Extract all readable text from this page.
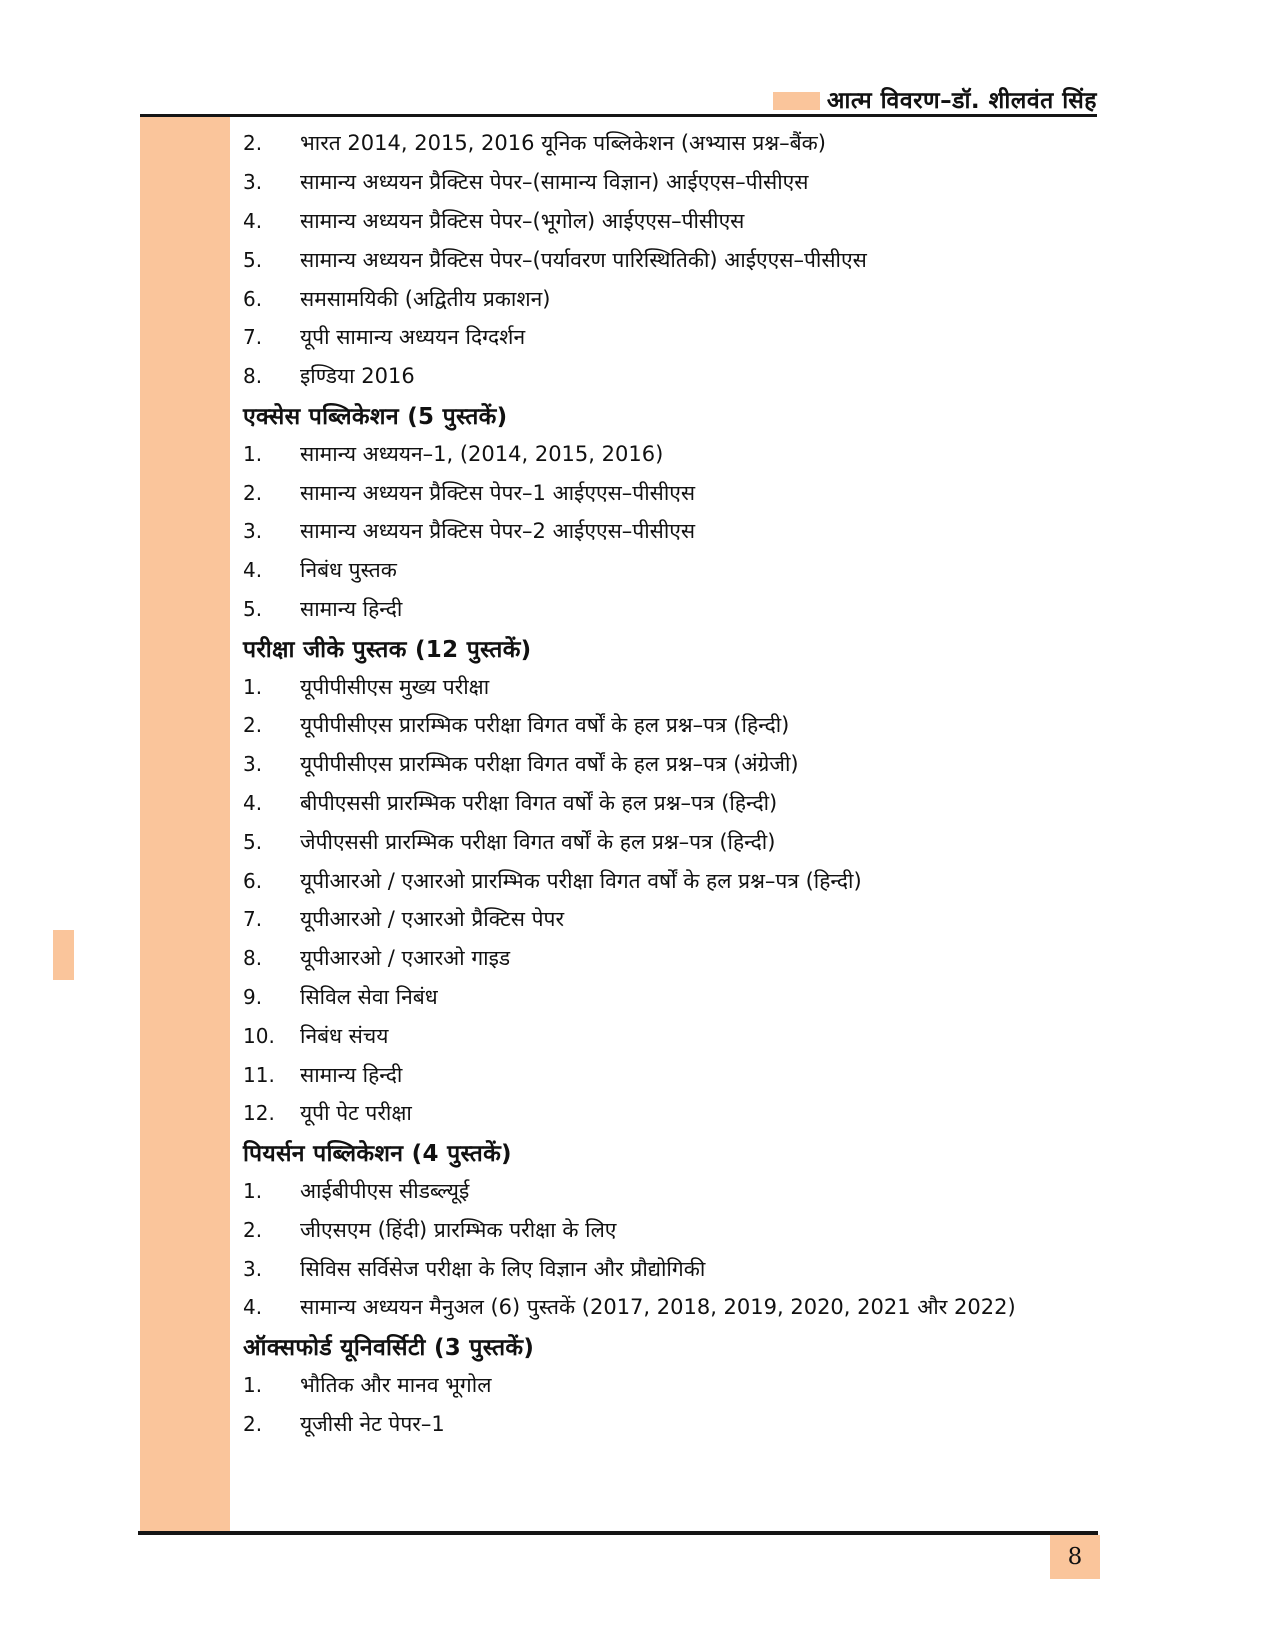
आत्म विवरण–डॉ. शीलवंत सिंह
2.	भारत 2014, 2015, 2016 यूनिक पब्लिकेशन (अभ्यास प्रश्न–बैंक)
3.	सामान्य अध्ययन प्रैक्टिस पेपर–(सामान्य विज्ञान) आईएएस–पीसीएस
4.	सामान्य अध्ययन प्रैक्टिस पेपर–(भूगोल) आईएएस–पीसीएस
5.	सामान्य अध्ययन प्रैक्टिस पेपर–(पर्यावरण पारिस्थितिकी) आईएएस–पीसीएस
6.	समसामयिकी (अद्वितीय प्रकाशन)
7.	यूपी सामान्य अध्ययन दिग्दर्शन
8.	इण्डिया 2016
एक्सेस पब्लिकेशन (5 पुस्तकें)
1.	सामान्य अध्ययन–1, (2014, 2015, 2016)
2.	सामान्य अध्ययन प्रैक्टिस पेपर–1 आईएएस–पीसीएस
3.	सामान्य अध्ययन प्रैक्टिस पेपर–2 आईएएस–पीसीएस
4.	निबंध पुस्तक
5.	सामान्य हिन्दी
परीक्षा जीके पुस्तक (12 पुस्तकें)
1.	यूपीपीसीएस मुख्य परीक्षा
2.	यूपीपीसीएस प्रारम्भिक परीक्षा विगत वर्षों के हल प्रश्न–पत्र (हिन्दी)
3.	यूपीपीसीएस प्रारम्भिक परीक्षा विगत वर्षों के हल प्रश्न–पत्र (अंग्रेजी)
4.	बीपीएससी प्रारम्भिक परीक्षा विगत वर्षों के हल प्रश्न–पत्र (हिन्दी)
5.	जेपीएससी प्रारम्भिक परीक्षा विगत वर्षों के हल प्रश्न–पत्र (हिन्दी)
6.	यूपीआरओ / एआरओ प्रारम्भिक परीक्षा विगत वर्षों के हल प्रश्न–पत्र (हिन्दी)
7.	यूपीआरओ / एआरओ प्रैक्टिस पेपर
8.	यूपीआरओ / एआरओ गाइड
9.	सिविल सेवा निबंध
10.	निबंध संचय
11.	सामान्य हिन्दी
12.	यूपी पेट परीक्षा
पियर्सन पब्लिकेशन (4 पुस्तकें)
1.	आईबीपीएस सीडब्ल्यूई
2.	जीएसएम (हिंदी) प्रारम्भिक परीक्षा के लिए
3.	सिविस सर्विसेज परीक्षा के लिए विज्ञान और प्रौद्योगिकी
4.	सामान्य अध्ययन मैनुअल (6) पुस्तकें (2017, 2018, 2019, 2020, 2021 और 2022)
ऑक्सफोर्ड यूनिवर्सिटी (3 पुस्तकें)
1.	भौतिक और मानव भूगोल
2.	यूजीसी नेट पेपर–1
8
